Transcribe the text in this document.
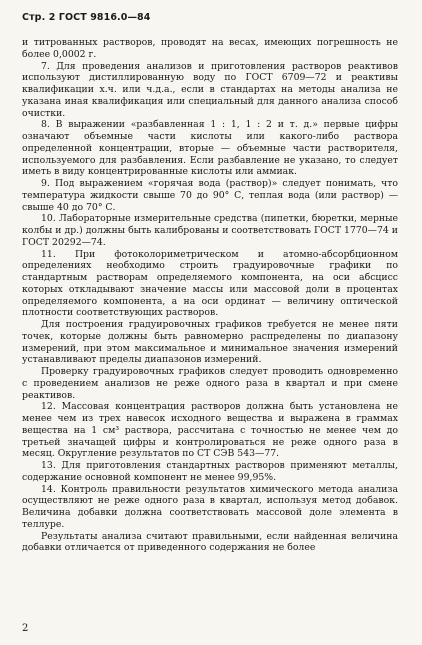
Стр. 2 ГОСТ 9816.0—84

и титрованных растворов, проводят на весах, имеющих погрешность не более 0,0002 г.

7. Для проведения анализов и приготовления растворов реактивов используют дистиллированную воду по ГОСТ 6709—72 и реактивы квалификации х.ч. или ч.д.а., если в стандартах на методы анализа не указана иная квалификация или специальный для данного анализа способ очистки.

8. В выражении «разбавленная 1 : 1, 1 : 2 и т. д.» первые цифры означают объемные части кислоты или какого-либо раствора определенной концентрации, вторые — объемные части растворителя, используемого для разбавления. Если разбавление не указано, то следует иметь в виду концентрированные кислоты или аммиак.

9. Под выражением «горячая вода (раствор)» следует понимать, что температура жидкости свыше 70 до 90° С, теплая вода (или раствор) — свыше 40 до 70° С.

10. Лабораторные измерительные средства (пипетки, бюретки, мерные колбы и др.) должны быть калиброваны и соответствовать ГОСТ 1770—74 и ГОСТ 20292—74.

11. При фотоколориметрическом и атомно-абсорбционном определениях необходимо строить градуировочные графики по стандартным растворам определяемого компонента, на оси абсцисс которых откладывают значение массы или массовой доли в процентах определяемого компонента, а на оси ординат — величину оптической плотности соответствующих растворов.

Для построения градуировочных графиков требуется не менее пяти точек, которые должны быть равномерно распределены по диапазону измерений, при этом максимальное и минимальное значения измерений устанавливают пределы диапазонов измерений.

Проверку градуировочных графиков следует проводить одновременно с проведением анализов не реже одного раза в квартал и при смене реактивов.

12. Массовая концентрация растворов должна быть установлена не менее чем из трех навесок исходного вещества и выражена в граммах вещества на 1 см³ раствора, рассчитана с точностью не менее чем до третьей значащей цифры и контролироваться не реже одного раза в месяц. Округление результатов по СТ СЭВ 543—77.

13. Для приготовления стандартных растворов применяют металлы, содержание основной компонент не менее 99,95%.

14. Контроль правильности результатов химического метода анализа осуществляют не реже одного раза в квартал, используя метод добавок. Величина добавки должна соответствовать массовой доле элемента в теллуре.

Результаты анализа считают правильными, если найденная величина добавки отличается от приведенного содержания не более

2
